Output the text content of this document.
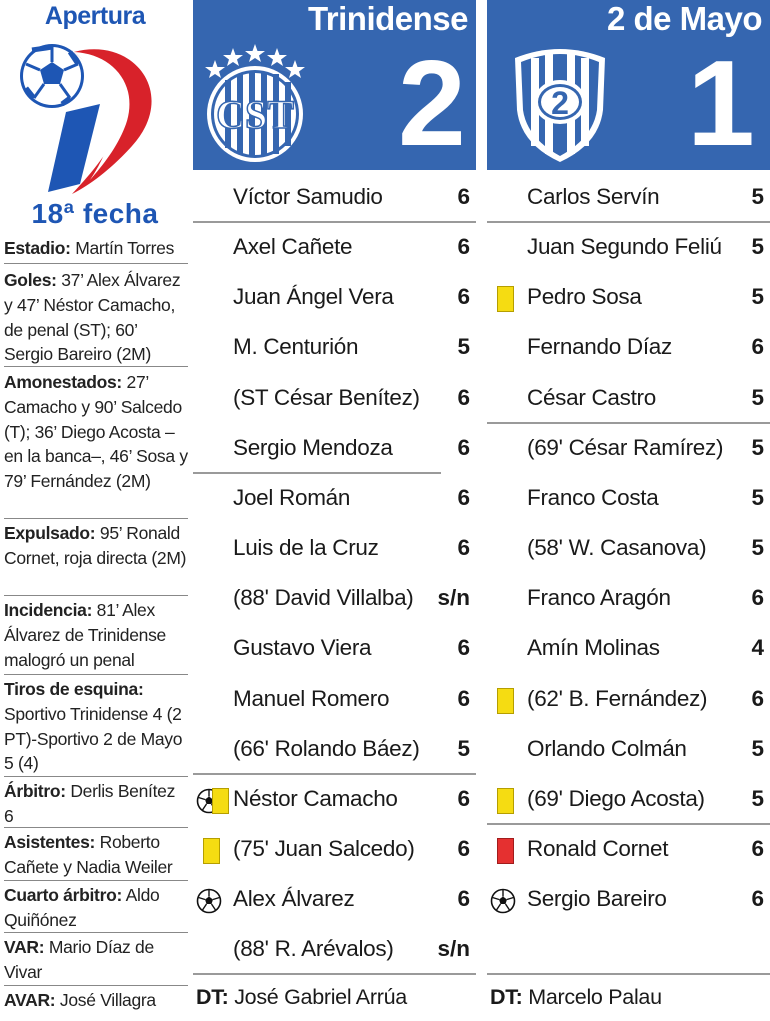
Apertura
18ª fecha
Estadio: Martín Torres
Goles: 37’ Alex Álvarez y 47’ Néstor Camacho, de penal (ST); 60’ Sergio Bareiro (2M)
Amonestados: 27’ Camacho y 90’ Salcedo (T); 36’ Diego Acosta –en la banca–, 46’ Sosa y 79’ Fernández (2M)
Expulsado: 95’ Ronald Cornet, roja directa (2M)
Incidencia: 81’ Alex Álvarez de Trinidense malogró un penal
Tiros de esquina: Sportivo Trinidense 4 (2 PT)-Sportivo 2 de Mayo 5 (4)
Árbitro: Derlis Benítez 6
Asistentes: Roberto Cañete y Nadia Weiler
Cuarto árbitro: Aldo Quiñónez
VAR: Mario Díaz de Vivar
AVAR: José Villagra
Trinidense
CST 2
2 de Mayo
2 1
Víctor Samudio	6
Axel Cañete	6
Juan Ángel Vera	6
M. Centurión	5
(ST César Benítez) 6
Sergio Mendoza	6
Joel Román	6
Luis de la Cruz	6
(88' David Villalba) s/n
Gustavo Viera	6
Manuel Romero	6
(66' Rolando Báez) 5
Néstor Camacho	6
(75' Juan Salcedo) 6
Alex Álvarez	6
(88' R. Arévalos) s/n
Carlos Servín	5
Juan Segundo Feliú 5
Pedro Sosa	5
Fernando Díaz	6
César Castro	5
(69' César Ramírez) 5
Franco Costa	5
(58' W. Casanova) 5
Franco Aragón	6
Amín Molinas	4
(62' B. Fernández) 6
Orlando Colmán	5
(69' Diego Acosta) 5
Ronald Cornet	6
Sergio Bareiro	6
DT: José Gabriel Arrúa	DT: Marcelo Palau
